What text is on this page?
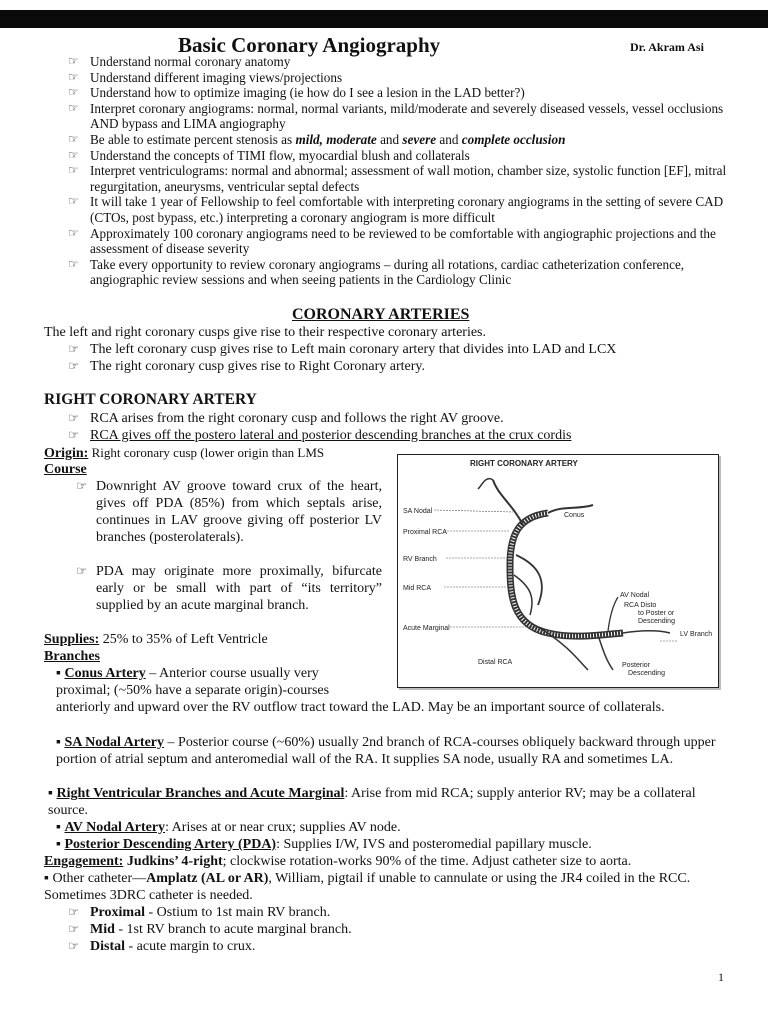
Basic Coronary Angiography	Dr. Akram Asi
☞ Understand normal coronary anatomy
☞ Understand different imaging views/projections
☞ Understand how to optimize imaging (ie how do I see a lesion in the LAD better?)
☞ Interpret coronary angiograms: normal, normal variants, mild/moderate and severely diseased vessels, vessel occlusions AND bypass and LIMA angiography
☞ Be able to estimate percent stenosis as mild, moderate and severe and complete occlusion
☞ Understand the concepts of TIMI flow, myocardial blush and collaterals
☞ Interpret ventriculograms: normal and abnormal; assessment of wall motion, chamber size, systolic function [EF], mitral regurgitation, aneurysms, ventricular septal defects
☞ It will take 1 year of Fellowship to feel comfortable with interpreting coronary angiograms in the setting of severe CAD (CTOs, post bypass, etc.) interpreting a coronary angiogram is more difficult
☞ Approximately 100 coronary angiograms need to be reviewed to be comfortable with angiographic projections and the assessment of disease severity
☞ Take every opportunity to review coronary angiograms – during all rotations, cardiac catheterization conference, angiographic review sessions and when seeing patients in the Cardiology Clinic
CORONARY ARTERIES
The left and right coronary cusps give rise to their respective coronary arteries.
☞ The left coronary cusp gives rise to Left main coronary artery that divides into LAD and LCX
☞ The right coronary cusp gives rise to Right Coronary artery.
RIGHT CORONARY ARTERY
☞ RCA arises from the right coronary cusp and follows the right AV groove.
☞ RCA gives off the postero lateral and posterior descending branches at the crux cordis
Origin: Right coronary cusp (lower origin than LMS
Course
☞ Downright AV groove toward crux of the heart, gives off PDA (85%) from which septals arise, continues in LAV groove giving off posterior LV branches (posterolaterals).
☞ PDA may originate more proximally, bifurcate early or be small with part of “its territory” supplied by an acute marginal branch.
Supplies: 25% to 35% of Left Ventricle
Branches
▪ Conus Artery – Anterior course usually very
proximal; (~50% have a separate origin)-courses
anteriorly and upward over the RV outflow tract toward the LAD. May be an important source of collaterals.
▪ SA Nodal Artery – Posterior course (~60%) usually 2nd branch of RCA-courses obliquely backward through upper portion of atrial septum and anteromedial wall of the RA. It supplies SA node, usually RA and sometimes LA.
▪ Right Ventricular Branches and Acute Marginal: Arise from mid RCA; supply anterior RV; may be a collateral source.
▪ AV Nodal Artery: Arises at or near crux; supplies AV node.
▪ Posterior Descending Artery (PDA): Supplies I/W, IVS and posteromedial papillary muscle.
Engagement: Judkins’ 4-right; clockwise rotation-works 90% of the time. Adjust catheter size to aorta.
▪ Other catheter—Amplatz (AL or AR), William, pigtail if unable to cannulate or using the JR4 coiled in the RCC. Sometimes 3DRC catheter is needed.
☞ Proximal - Ostium to 1st main RV branch.
☞ Mid - 1st RV branch to acute marginal branch.
☞ Distal - acute margin to crux.
RIGHT CORONARY ARTERY
SA Nodal
Proximal RCA
RV Branch
Mid RCA
Acute Marginal
Distal RCA
Conus
AV Nodal
RCA Disto
to Poster or
Descending
LV Branch
Posterior
Descending
1
